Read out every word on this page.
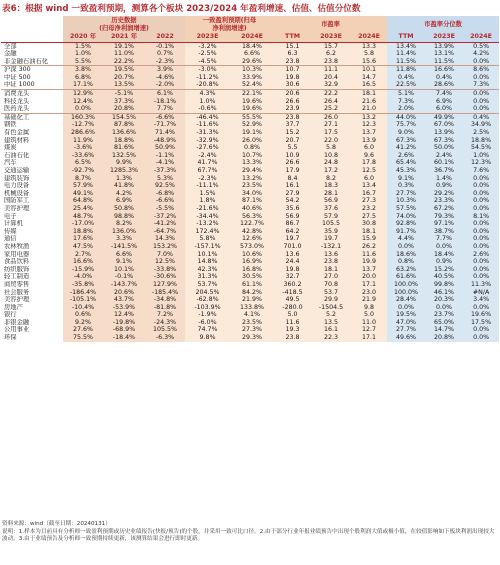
表6：根据 wind 一致盈利预期，测算各个板块 2023/2024 年盈利增速、估值、估值分位数

	历史数据
(归母净利润增速)			一致盈利预期(归母
净利润增速)		市盈率			市盈率分位数		
	2020 年	2021 年	2022	2023E	2024E	TTM	2023E	2024E	TTM	2023E	2024E
全部	1.5%	19.1%	-0.1%	-3.2%	18.4%	15.1	15.7	13.3	13.4%	13.9%	0.5%
金融	1.0%	11.0%	0.7%	-2.5%	6.6%	6.3	6.2	5.8	11.4%	13.1%	4.2%
非金融石油石化	5.5%	22.2%	-2.3%	-4.5%	29.6%	23.8	23.8	15.6	11.5%	11.5%	0.0%
沪深 300	3.8%	19.5%	3.9%	-3.0%	10.3%	10.7	11.1	10.1	11.8%	16.6%	8.6%
中证 500	6.8%	20.7%	-4.6%	-11.2%	33.9%	19.8	20.4	14.7	0.4%	0.4%	0.0%
中证 1000	17.1%	13.5%	-2.0%	-20.8%	52.4%	30.6	32.9	16.5	22.5%	28.6%	7.3%
消费龙头	12.9%	-5.1%	6.1%	4.3%	22.1%	20.6	22.2	18.1	5.1%	7.4%	0.0%
科技龙头	12.4%	37.3%	-18.1%	1.0%	19.6%	26.6	26.4	21.6	7.3%	6.9%	0.0%
医药龙头	0.0%	20.8%	7.7%	-0.6%	19.6%	23.9	25.2	21.0	2.0%	6.0%	0.0%
基础化工	160.3%	154.5%	-6.6%	-46.4%	55.5%	23.8	26.0	13.2	44.0%	49.9%	0.4%
钢铁	-12.7%	87.8%	-71.7%	-11.6%	52.9%	37.7	27.1	12.3	75.7%	67.0%	34.9%
有色金属	286.6%	136.6%	71.4%	-31.3%	19.1%	15.2	17.5	13.7	9.0%	13.9%	2.5%
建筑材料	11.9%	18.8%	-48.9%	-32.9%	26.0%	20.7	22.0	13.9	67.3%	67.3%	18.8%
煤炭	-3.6%	81.6%	50.9%	-27.6%	0.8%	5.5	5.8	6.0	41.2%	50.0%	54.5%
石油石化	-33.6%	132.5%	-1.1%	-2.4%	10.7%	10.9	10.8	9.6	2.6%	2.4%	1.0%
汽车	6.5%	9.9%	-4.1%	41.7%	13.3%	26.6	24.8	17.8	65.4%	60.1%	12.3%
交通运输	-92.7%	1285.3%	-37.3%	67.7%	29.4%	17.9	17.2	12.5	45.3%	36.7%	7.6%
建筑装饰	8.7%	1.3%	5.3%	-2.3%	13.2%	8.4	8.2	6.0	9.1%	1.4%	0.0%
电力设备	57.9%	41.8%	92.5%	-11.1%	23.5%	16.1	18.3	13.4	0.3%	0.9%	0.0%
机械设备	49.1%	4.2%	-6.8%	1.5%	34.0%	27.9	28.1	16.7	27.7%	29.2%	0.0%
国防军工	64.8%	6.9%	-6.6%	1.8%	87.1%	54.2	56.9	27.3	10.3%	23.3%	0.0%
美容护理	25.4%	50.8%	-5.5%	-21.6%	40.6%	35.6	37.6	23.2	57.5%	67.2%	0.0%
电子	48.7%	98.8%	-37.2%	-34.4%	56.3%	56.9	57.9	27.5	74.0%	79.3%	8.1%
计算机	-17.0%	8.2%	-41.2%	-13.2%	122.7%	86.7	105.5	30.8	92.8%	97.1%	0.0%
传媒	18.8%	136.0%	-64.7%	172.4%	42.8%	64.2	35.9	18.1	91.7%	38.7%	0.0%
通信	17.6%	3.3%	14.3%	5.8%	12.6%	19.7	19.7	15.9	4.4%	7.7%	0.0%
农林牧渔	47.5%	-141.5%	153.2%	-157.1%	573.0%	701.0	-132.1	26.2	0.0%	0.0%	0.0%
家用电器	2.7%	6.6%	7.0%	10.1%	10.6%	13.6	13.6	11.6	18.6%	18.4%	2.6%
食品饮料	16.6%	9.1%	12.5%	14.8%	16.9%	24.4	23.8	19.9	0.8%	0.9%	0.0%
纺织服饰	-15.9%	10.1%	-33.8%	42.3%	16.8%	19.8	18.1	13.7	63.2%	15.2%	0.0%
轻工制造	-4.0%	-0.1%	-30.6%	31.3%	30.5%	32.7	27.0	20.0	61.6%	40.5%	0.0%
商贸零售	-35.8%	-143.7%	127.9%	53.7%	61.1%	360.2	70.8	17.1	100.0%	99.8%	11.3%
社会服务	-186.4%	20.6%	-185.4%	204.5%	84.2%	-418.5	53.7	23.0	100.0%	46.1%	#N/A
美容护理	-105.1%	43.7%	-34.8%	-62.8%	21.9%	49.5	29.9	21.9	28.4%	20.3%	3.4%
房地产	-10.4%	-53.9%	-81.8%	-103.9%	133.8%	-280.0	-1504.5	9.8	0.0%	0.0%	0.0%
银行	0.6%	12.4%	7.2%	-1.9%	4.1%	5.0	5.2	5.0	19.5%	23.7%	19.6%
非银金融	9.2%	-19.8%	-24.3%	-6.0%	23.5%	11.6	13.5	11.0	47.0%	65.0%	17.5%
公用事业	27.6%	-68.9%	105.5%	74.7%	27.3%	19.3	16.1	12.7	27.7%	14.7%	0.0%
环保	75.5%	-18.4%	-6.3%	9.8%	29.3%	23.8	22.3	17.1	49.6%	20.8%	0.0%
资料来源：wind（截至日期：20240131）
说明：1.样本为目前具有分析师一致盈利预期或历史业绩报告(快报/预告)的个股，并采用一致可比口径。2.由于部分行业年报业绩预告中出现个股利润大值或极小值，在较值影响如下板块利润出现较大波动。3.由于业绩预告及分析师一致预期持续更新，该测算结果会进行即时更新。
